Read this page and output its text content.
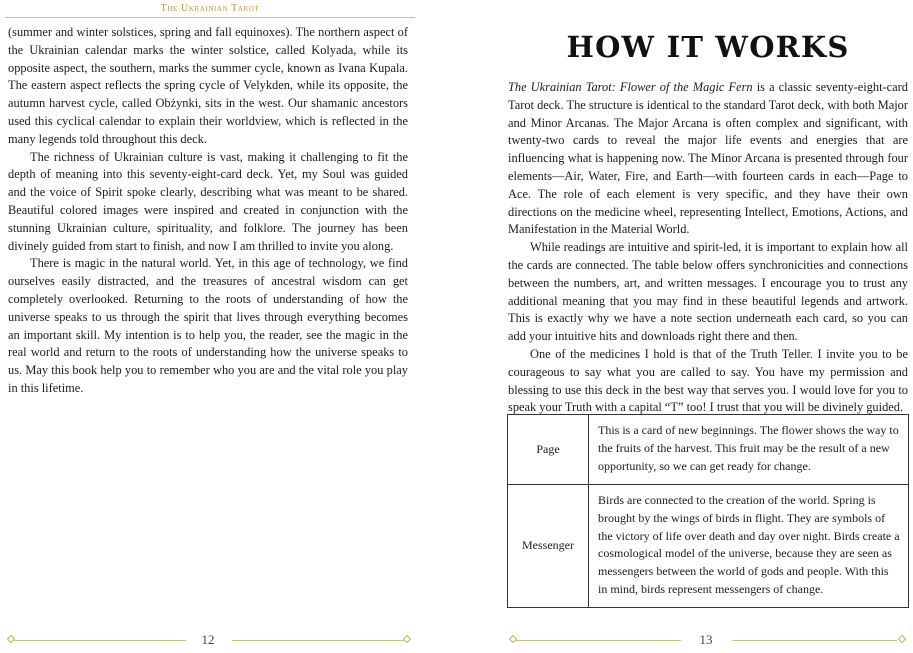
The Ukrainian Tarot

(summer and winter solstices, spring and fall equinoxes). The northern aspect of the Ukrainian calendar marks the winter solstice, called Kolyada, while its opposite aspect, the southern, marks the summer cycle, known as Ivana Kupala. The eastern aspect reflects the spring cycle of Velykden, while its opposite, the autumn harvest cycle, called Obżynki, sits in the west. Our shamanic ancestors used this cyclical calendar to explain their worldview, which is reflected in the many legends told throughout this deck.

The richness of Ukrainian culture is vast, making it challenging to fit the depth of meaning into this seventy-eight-card deck. Yet, my Soul was guided and the voice of Spirit spoke clearly, describing what was meant to be shared. Beautiful colored images were inspired and created in conjunction with the stunning Ukrainian culture, spirituality, and folklore. The journey has been divinely guided from start to finish, and now I am thrilled to invite you along.

There is magic in the natural world. Yet, in this age of technology, we find ourselves easily distracted, and the treasures of ancestral wisdom can get completely overlooked. Returning to the roots of understanding of how the universe speaks to us through the spirit that lives through everything becomes an important skill. My intention is to help you, the reader, see the magic in the real world and return to the roots of understanding how the universe speaks to us. May this book help you to remember who you are and the vital role you play in this lifetime.

12
HOW IT WORKS

The Ukrainian Tarot: Flower of the Magic Fern is a classic seventy-eight-card Tarot deck. The structure is identical to the standard Tarot deck, with both Major and Minor Arcanas. The Major Arcana is often complex and significant, with twenty-two cards to reveal the major life events and energies that are influencing what is happening now. The Minor Arcana is presented through four elements—Air, Water, Fire, and Earth—with fourteen cards in each—Page to Ace. The role of each element is very specific, and they have their own directions on the medicine wheel, representing Intellect, Emotions, Actions, and Manifestation in the Material World.

While readings are intuitive and spirit-led, it is important to explain how all the cards are connected. The table below offers synchronicities and connections between the numbers, art, and written messages. I encourage you to trust any additional meaning that you may find in these beautiful legends and artwork. This is exactly why we have a note section underneath each card, so you can add your intuitive hits and downloads right there and then.

One of the medicines I hold is that of the Truth Teller. I invite you to be courageous to say what you are called to say. You have my permission and blessing to use this deck in the best way that serves you. I would love for you to speak your Truth with a capital “T” too! I trust that you will be divinely guided.

Page	This is a card of new beginnings. The flower shows the way to the fruits of the harvest. This fruit may be the result of a new opportunity, so we can get ready for change.
Messenger	Birds are connected to the creation of the world. Spring is brought by the wings of birds in flight. They are symbols of the victory of life over death and day over night. Birds create a cosmological model of the universe, because they are seen as messengers between the world of gods and people. With this in mind, birds represent messengers of change.
13
